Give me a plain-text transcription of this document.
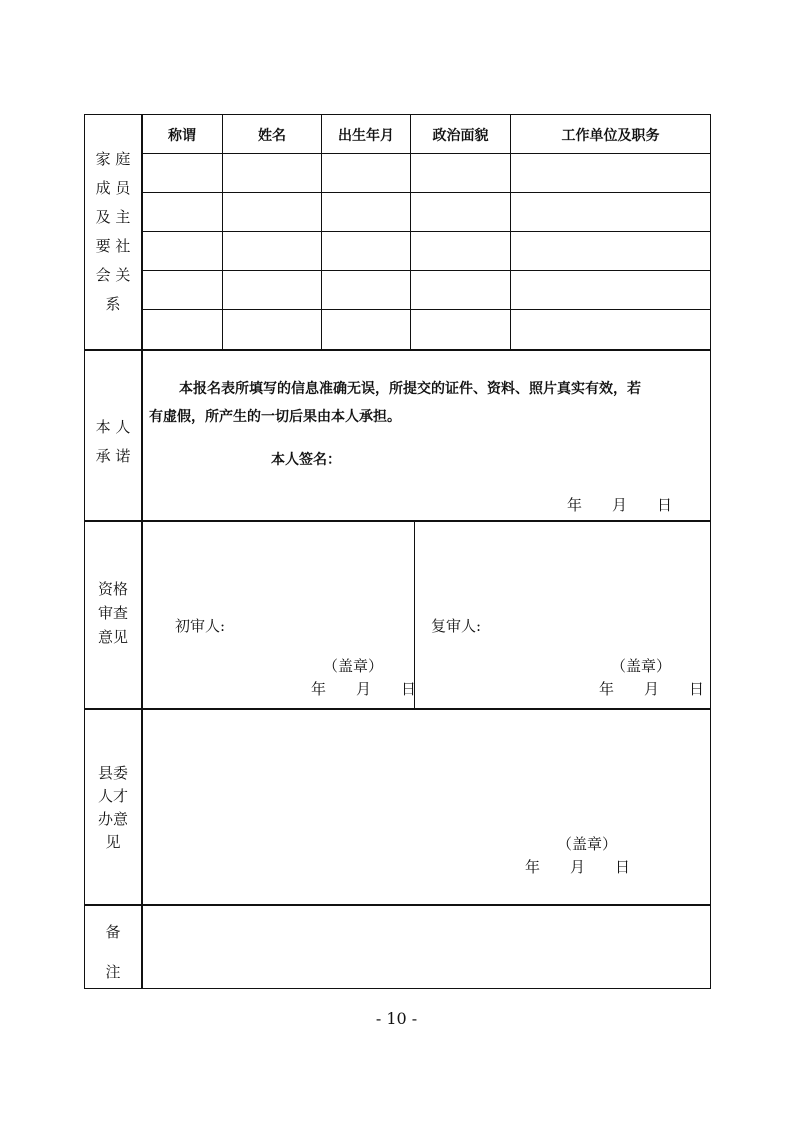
家 庭
成 员
及 主
要 社
会 关
系
称谓	姓名	出生年月	政治面貌	工作单位及职务
本 人
承 诺
本报名表所填写的信息准确无误，所提交的证件、资料、照片真实有效，若
有虚假，所产生的一切后果由本人承担。
本人签名：
年　　月　　日
资格
审查
意见
初审人:
（盖章）
年　　月　　日
复审人:
（盖章）
年　　月　　日
县委
人才
办意
见	（盖章）
年　　月　　日
备
注
- 10 -
